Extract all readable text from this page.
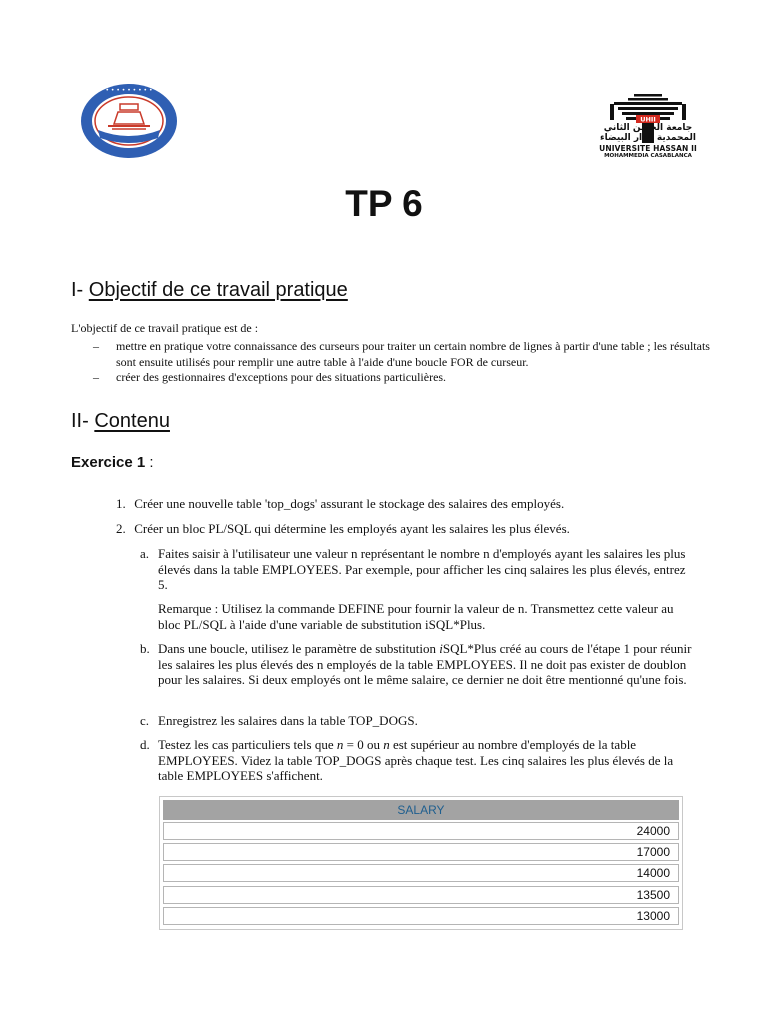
• • • • • • • • •
UHII
جامعة الحسن الثاني
المحمدية الدار البيضاء
UNIVERSITE HASSAN II
MOHAMMEDIA CASABLANCA
TP 6
I- Objectif de ce travail pratique
L'objectif de ce travail pratique est de :
– mettre en pratique votre connaissance des curseurs pour traiter un certain nombre de lignes à partir d'une table ; les résultats sont ensuite utilisés pour remplir une autre table à l'aide d'une boucle FOR de curseur.
– créer des gestionnaires d'exceptions pour des situations particulières.
II- Contenu
Exercice 1 :
1. Créer une nouvelle table 'top_dogs' assurant le stockage des salaires des employés.
2. Créer un bloc PL/SQL qui détermine les employés ayant les salaires les plus élevés.
a. Faites saisir à l'utilisateur une valeur n représentant le nombre n d'employés ayant les salaires les plus élevés dans la table EMPLOYEES. Par exemple, pour afficher les cinq salaires les plus élevés, entrez 5.
Remarque : Utilisez la commande DEFINE pour fournir la valeur de n. Transmettez cette valeur au bloc PL/SQL à l'aide d'une variable de substitution iSQL*Plus.
b. Dans une boucle, utilisez le paramètre de substitution iSQL*Plus créé au cours de l'étape 1 pour réunir les salaires les plus élevés des n employés de la table EMPLOYEES. Il ne doit pas exister de doublon pour les salaires. Si deux employés ont le même salaire, ce dernier ne doit être mentionné qu'une fois.
c. Enregistrez les salaires dans la table TOP_DOGS.
d. Testez les cas particuliers tels que n = 0 ou n est supérieur au nombre d'employés de la table EMPLOYEES. Videz la table TOP_DOGS après chaque test. Les cinq salaires les plus élevés de la table EMPLOYEES s'affichent.
SALARY
24000
17000
14000
13500
13000
